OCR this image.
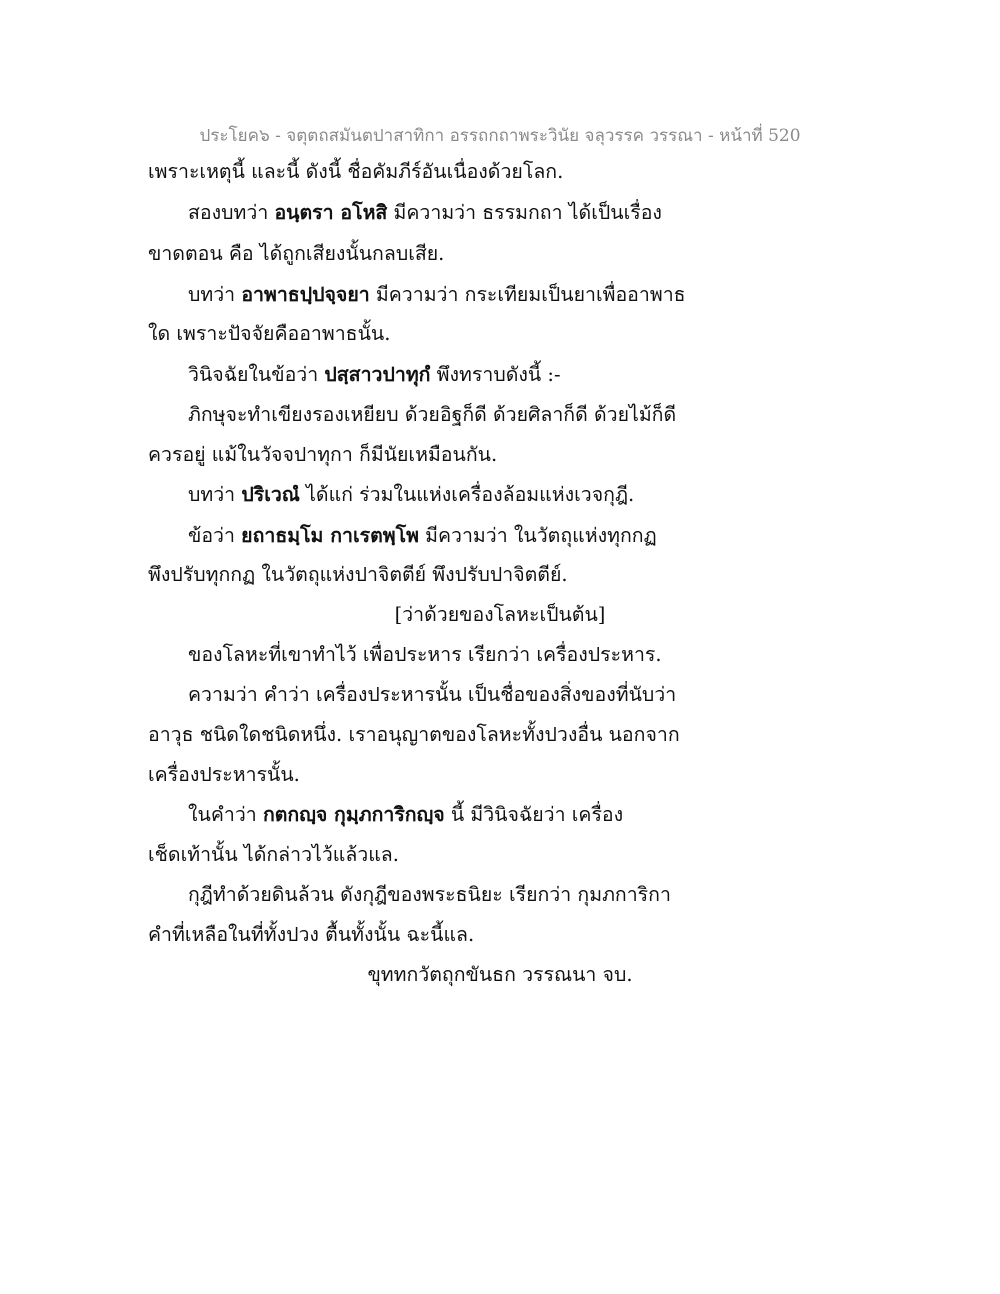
ประโยค๖ - จตุตถสมันตปาสาทิกา อรรถกถาพระวินัย จลุวรรค วรรณา - หน้าที่ 520
เพราะเหตุนี้ และนี้ ดังนี้ ชื่อคัมภีร์อันเนื่องด้วยโลก.
สองบทว่า อนฺตรา อโหสิ มีความว่า ธรรมกถา ได้เป็นเรื่อง
ขาดตอน คือ ได้ถูกเสียงนั้นกลบเสีย.
บทว่า อาพาธปฺปจฺจยา มีความว่า กระเทียมเป็นยาเพื่ออาพาธ
ใด เพราะปัจจัยคืออาพาธนั้น.
วินิจฉัยในข้อว่า ปสฺสาวปาทุกํ พึงทราบดังนี้ :-
ภิกษุจะทำเขียงรองเหยียบ ด้วยอิฐก็ดี ด้วยศิลาก็ดี ด้วยไม้ก็ดี
ควรอยู่ แม้ในวัจจปาทุกา ก็มีนัยเหมือนกัน.
บทว่า ปริเวณํ ได้แก่ ร่วมในแห่งเครื่องล้อมแห่งเวจกุฎี.
ข้อว่า ยถาธมฺโม กาเรตพฺโพ มีความว่า ในวัตถุแห่งทุกกฏ
พึงปรับทุกกฏ ในวัตถุแห่งปาจิตตีย์ พึงปรับปาจิตตีย์.
[ว่าด้วยของโลหะเป็นต้น]
ของโลหะที่เขาทำไว้ เพื่อประหาร เรียกว่า เครื่องประหาร.
ความว่า คำว่า เครื่องประหารนั้น เป็นชื่อของสิ่งของที่นับว่า
อาวุธ ชนิดใดชนิดหนึ่ง. เราอนุญาตของโลหะทั้งปวงอื่น นอกจาก
เครื่องประหารนั้น.
ในคำว่า กตกญฺจ กุมฺภการิกญฺจ นี้ มีวินิจฉัยว่า เครื่อง
เช็ดเท้านั้น ได้กล่าวไว้แล้วแล.
กุฎีทำด้วยดินล้วน ดังกุฎีของพระธนิยะ เรียกว่า กุมภการิกา
คำที่เหลือในที่ทั้งปวง ตื้นทั้งนั้น ฉะนี้แล.
ขุททกวัตถุกขันธก วรรณนา จบ.
